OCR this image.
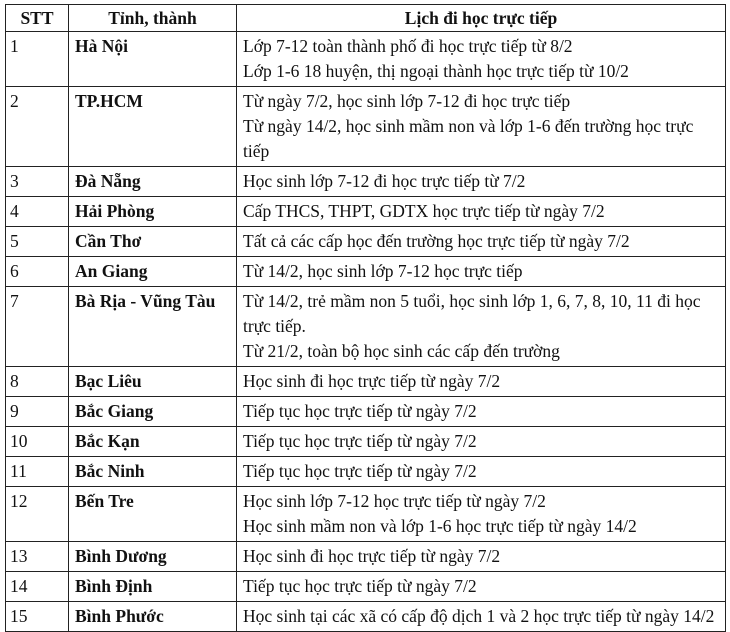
STT	Tỉnh, thành	Lịch đi học trực tiếp
1	Hà Nội	Lớp 7-12 toàn thành phố đi học trực tiếp từ 8/2
Lớp 1-6 18 huyện, thị ngoại thành học trực tiếp từ 10/2

2	TP.HCM	Từ ngày 7/2, học sinh lớp 7-12 đi học trực tiếp
Từ ngày 14/2, học sinh mầm non và lớp 1-6 đến trường học trực tiếp

3	Đà Nẵng	Học sinh lớp 7-12 đi học trực tiếp từ 7/2

4	Hải Phòng	Cấp THCS, THPT, GDTX học trực tiếp từ ngày 7/2

5	Cần Thơ	Tất cả các cấp học đến trường học trực tiếp từ ngày 7/2

6	An Giang	Từ 14/2, học sinh lớp 7-12 học trực tiếp

7	Bà Rịa - Vũng Tàu	Từ 14/2, trẻ mầm non 5 tuổi, học sinh lớp 1, 6, 7, 8, 10, 11 đi học trực tiếp.
Từ 21/2, toàn bộ học sinh các cấp đến trường

8	Bạc Liêu	Học sinh đi học trực tiếp từ ngày 7/2

9	Bắc Giang	Tiếp tục học trực tiếp từ ngày 7/2

10	Bắc Kạn	Tiếp tục học trực tiếp từ ngày 7/2

11	Bắc Ninh	Tiếp tục học trực tiếp từ ngày 7/2

12	Bến Tre	Học sinh lớp 7-12 học trực tiếp từ ngày 7/2
Học sinh mầm non và lớp 1-6 học trực tiếp từ ngày 14/2

13	Bình Dương	Học sinh đi học trực tiếp từ ngày 7/2

14	Bình Định	Tiếp tục học trực tiếp từ ngày 7/2

15	Bình Phước	Học sinh tại các xã có cấp độ dịch 1 và 2 học trực tiếp từ ngày 14/2
